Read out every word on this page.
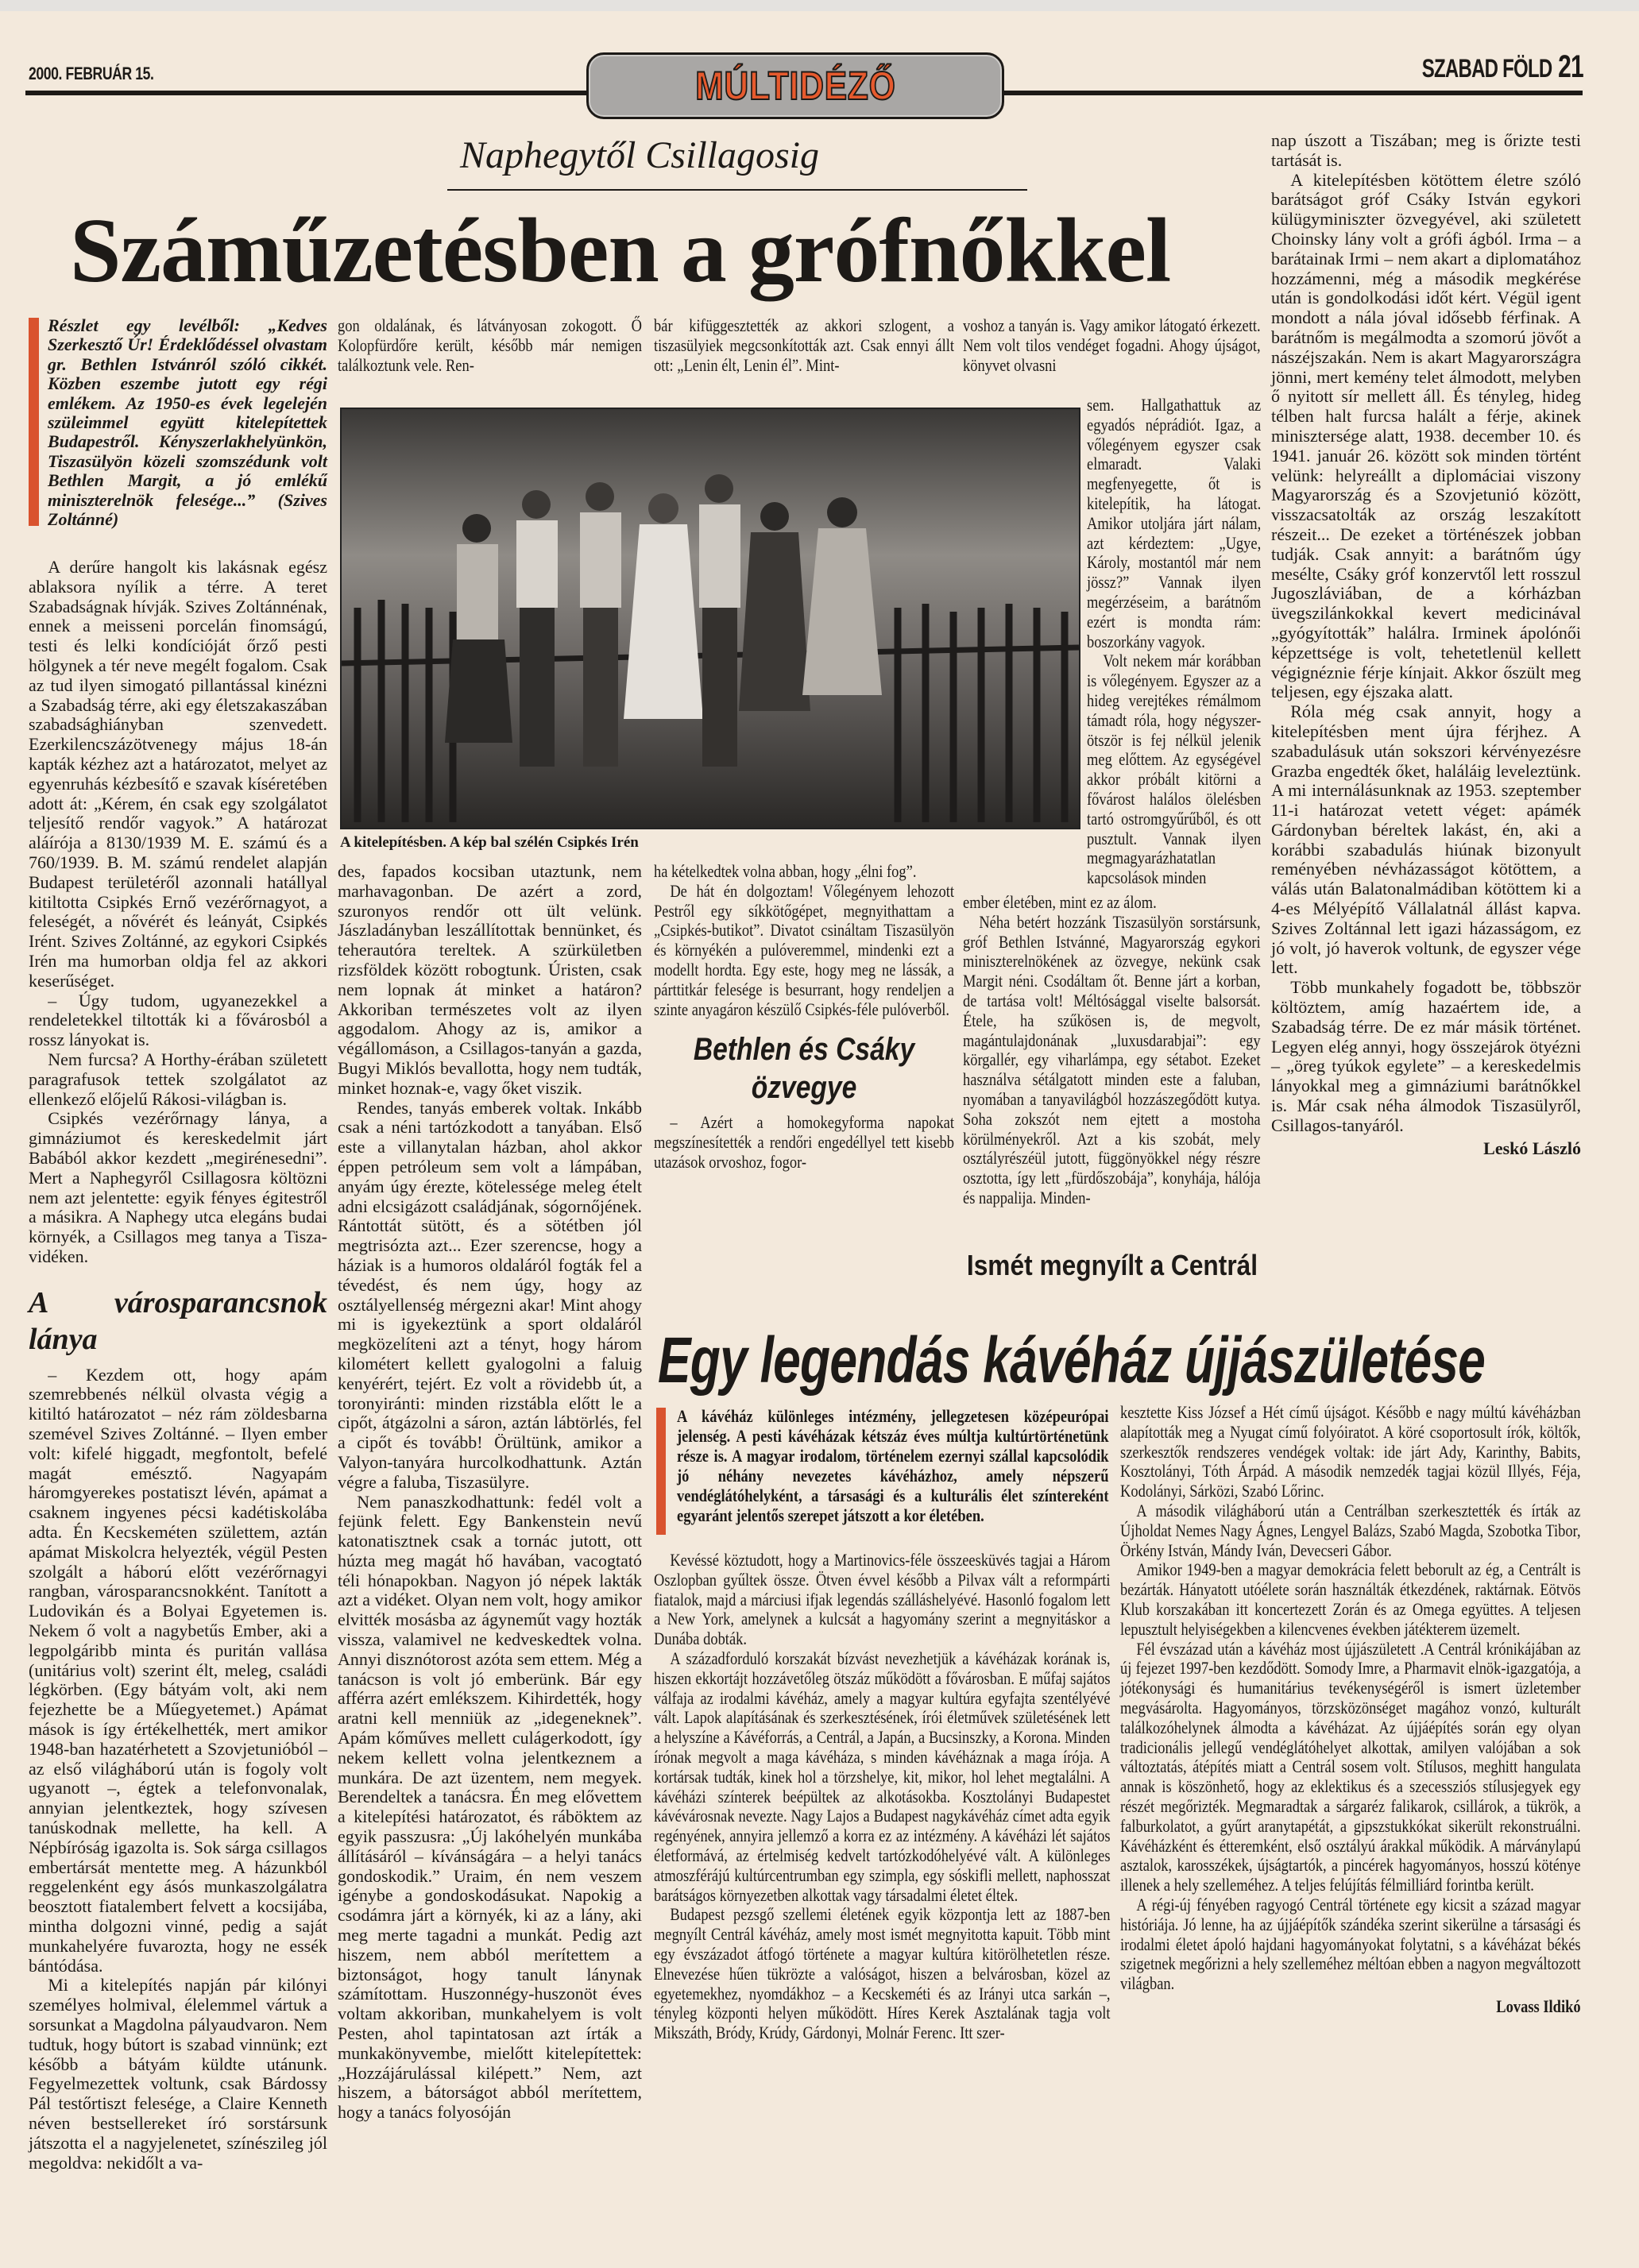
2000. FEBRUÁR 15.	MÚLTIDÉZŐ	SZABAD FÖLD 21
Naphegytől Csillagosig
Száműzetésben a grófnőkkel
Részlet egy levélből: „Kedves Szerkesztő Úr! Érdeklődéssel olvastam gr. Bethlen Istvánról szóló cikkét. Közben eszembe jutott egy régi emlékem. Az 1950-es évek legelején szüleimmel együtt kitelepítettek Budapestről. Kényszerlakhelyünkön, Tiszasülyön közeli szomszédunk volt Bethlen Margit, a jó emlékű miniszterelnök felesége...” (Szives Zoltánné)

A derűre hangolt kis lakásnak egész ablaksora nyílik a térre. A teret Szabadságnak hívják. Szives Zoltánnénak, ennek a meisseni porcelán finomságú, testi és lelki kondícióját őrző pesti hölgynek a tér neve megélt fogalom. Csak az tud ilyen simogató pillantással kinézni a Szabadság térre, aki egy életszakaszában szabadsághiányban szenvedett. Ezerkilencszázötvenegy május 18-án kapták kézhez azt a határozatot, melyet az egyenruhás kézbesítő e szavak kíséretében adott át: „Kérem, én csak egy szolgálatot teljesítő rendőr vagyok.” A határozat aláírója a 8130/1939 M. E. számú és a 760/1939. B. M. számú rendelet alapján Budapest területéről azonnali hatállyal kitiltotta Csipkés Ernő vezérőrnagyot, a feleségét, a nővérét és leányát, Csipkés Irént. Szives Zoltánné, az egykori Csipkés Irén ma humorban oldja fel az akkori keserűséget.

– Úgy tudom, ugyanezekkel a rendeletekkel tiltották ki a fővárosból a rossz lányokat is.

Nem furcsa? A Horthy-érában született paragrafusok tettek szolgálatot az ellenkező előjelű Rákosi-világban is.

Csipkés vezérőrnagy lánya, a gimnáziumot és kereskedelmit járt Babából akkor kezdett „megirénesedni”. Mert a Naphegyről Csillagosra költözni nem azt jelentette: egyik fényes égitestről a másikra. A Naphegy utca elegáns budai környék, a Csillagos meg tanya a Tisza-vidéken.

A városparancsnok lánya

– Kezdem ott, hogy apám szemrebbenés nélkül olvasta végig a kitiltó határozatot – néz rám zöldesbarna szemével Szives Zoltánné. – Ilyen ember volt: kifelé higgadt, megfontolt, befelé magát emésztő. Nagyapám háromgyerekes postatiszt lévén, apámat a csaknem ingyenes pécsi kadétiskolába adta. Én Kecskeméten születtem, aztán apámat Miskolcra helyezték, végül Pesten szolgált a háború előtt vezérőrnagyi rangban, városparancsnokként. Tanított a Ludovikán és a Bolyai Egyetemen is. Nekem ő volt a nagybetűs Ember, aki a legpolgáribb minta és puritán vallása (unitárius volt) szerint élt, meleg, családi légkörben. (Egy bátyám volt, aki nem fejezhette be a Műegyetemet.) Apámat mások is így értékelhették, mert amikor 1948-ban hazatérhetett a Szovjetunióból – az első világháború után is fogoly volt ugyanott –, égtek a telefonvonalak, annyian jelentkeztek, hogy szívesen tanúskodnak mellette, ha kell. A Népbíróság igazolta is. Sok sárga csillagos embertársát mentette meg. A házunkból reggelenként egy ásós munkaszolgálatra beosztott fiatalembert felvett a kocsijába, mintha dolgozni vinné, pedig a saját munkahelyére fuvarozta, hogy ne essék bántódása.

Mi a kitelepítés napján pár kilónyi személyes holmival, élelemmel vártuk a sorsunkat a Magdolna pályaudvaron. Nem tudtuk, hogy bútort is szabad vinnünk; ezt később a bátyám küldte utánunk. Fegyelmezettek voltunk, csak Bárdossy Pál testőrtiszt felesége, a Claire Kenneth néven bestsellereket író sorstársunk játszotta el a nagyjelenetet, színészileg jól megoldva: nekidőlt a va-

gon oldalának, és látványosan zokogott. Ő Kolopfürdőre került, később már nemigen találkoztunk vele. Ren-

bár kifüggesztették az akkori szlogent, a tiszasülyiek megcsonkították azt. Csak ennyi állt ott: „Lenin élt, Lenin él”. Mint-

voshoz a tanyán is. Vagy amikor látogató érkezett. Nem volt tilos vendéget fogadni. Ahogy újságot, könyvet olvasni

A kitelepítésben. A kép bal szélén Csipkés Irén

des, fapados kocsiban utaztunk, nem marhavagonban. De azért a zord, szuronyos rendőr ott ült velünk. Jászladányban leszállítottak bennünket, és teherautóra tereltek. A szürkületben rizsföldek között robogtunk. Úristen, csak nem lopnak át minket a határon? Akkoriban természetes volt az ilyen aggodalom. Ahogy az is, amikor a végállomáson, a Csillagos-tanyán a gazda, Bugyi Miklós bevallotta, hogy nem tudták, minket hoznak-e, vagy őket viszik.

Rendes, tanyás emberek voltak. Inkább csak a néni tartózkodott a tanyában. Első este a villanytalan házban, ahol akkor éppen petróleum sem volt a lámpában, anyám úgy érezte, kötelessége meleg ételt adni elcsigázott családjának, sógornőjének. Rántottát sütött, és a sötétben jól megtrisózta azt... Ezer szerencse, hogy a háziak is a humoros oldaláról fogták fel a tévedést, és nem úgy, hogy az osztályellenség mérgezni akar! Mint ahogy mi is igyekeztünk a sport oldaláról megközelíteni azt a tényt, hogy három kilométert kellett gyalogolni a faluig kenyérért, tejért. Ez volt a rövidebb út, a toronyiránti: minden rizstábla előtt le a cipőt, átgázolni a sáron, aztán lábtörlés, fel a cipőt és tovább! Örültünk, amikor a Valyon-tanyára hurcolkodhattunk. Aztán végre a faluba, Tiszasülyre.

Nem panaszkodhattunk: fedél volt a fejünk felett. Egy Bankenstein nevű katonatisztnek csak a tornác jutott, ott húzta meg magát hő havában, vacogtató téli hónapokban. Nagyon jó népek lakták azt a vidéket. Olyan nem volt, hogy amikor elvitték mosásba az ágyneműt vagy hozták vissza, valamivel ne kedveskedtek volna. Annyi disznótorost azóta sem ettem. Még a tanácson is volt jó emberünk. Bár egy afférra azért emlékszem. Kihirdették, hogy aratni kell menniük az „idegeneknek”. Apám kőműves mellett culágerkodott, így nekem kellett volna jelentkeznem a munkára. De azt üzentem, nem megyek. Berendeltek a tanácsra. Én meg elővettem a kitelepítési határozatot, és ráböktem az egyik passzusra: „Új lakóhelyén munkába állításáról – kívánságára – a helyi tanács gondoskodik.” Uraim, én nem veszem igénybe a gondoskodásukat. Napokig a csodámra járt a környék, ki az a lány, aki meg merte tagadni a munkát. Pedig azt hiszem, nem abból merítettem a biztonságot, hogy tanult lánynak számítottam. Huszonnégy-huszonöt éves voltam akkoriban, munkahelyem is volt Pesten, ahol tapintatosan azt írták a munkakönyvembe, mielőtt kitelepítettek: „Hozzájárulással kilépett.” Nem, azt hiszem, a bátorságot abból merítettem, hogy a tanács folyosóján

ha kételkedtek volna abban, hogy „élni fog”.

De hát én dolgoztam! Vőlegényem lehozott Pestről egy síkkötőgépet, megnyithattam a „Csipkés-butikot”. Divatot csináltam Tiszasülyön és környékén a pulóveremmel, mindenki ezt a modellt hordta. Egy este, hogy meg ne lássák, a párttitkár felesége is besurrant, hogy rendeljen a szinte anyagáron készülő Csipkés-féle pulóverből.

Bethlen és Csáky özvegye

– Azért a homokegyforma napokat megszínesítették a rendőri engedéllyel tett kisebb utazások orvoshoz, fogor-

sem. Hallgathattuk az egyadós néprádiót. Igaz, a vőlegényem egyszer csak elmaradt. Valaki megfenyegette, őt is kitelepítik, ha látogat. Amikor utoljára járt nálam, azt kérdeztem: „Ugye, Károly, mostantól már nem jössz?” Vannak ilyen megérzéseim, a barátnőm ezért is mondta rám: boszorkány vagyok.

Volt nekem már korábban is vőlegényem. Egyszer az a hideg verejtékes rémálmom támadt róla, hogy négyszer-ötször is fej nélkül jelenik meg előttem. Az egységével akkor próbált kitörni a fővárost halálos ölelésben tartó ostromgyűrűből, és ott pusztult. Vannak ilyen megmagyarázhatatlan kapcsolások minden

ember életében, mint ez az álom.

Néha betért hozzánk Tiszasülyön sorstársunk, gróf Bethlen Istvánné, Magyarország egykori miniszterelnökének az özvegye, nekünk csak Margit néni. Csodáltam őt. Benne járt a korban, de tartása volt! Méltósággal viselte balsorsát. Étele, ha szűkösen is, de megvolt, magántulajdonának „luxusdarabjai”: egy körgallér, egy viharlámpa, egy sétabot. Ezeket használva sétálgatott minden este a faluban, nyomában a tanyavilágból hozzászegődött kutya. Soha zokszót nem ejtett a mostoha körülményekről. Azt a kis szobát, mely osztályrészéül jutott, függönyökkel négy részre osztotta, így lett „fürdőszobája”, konyhája, hálója és nappalija. Minden-

nap úszott a Tiszában; meg is őrizte testi tartását is.

A kitelepítésben kötöttem életre szóló barátságot gróf Csáky István egykori külügyminiszter özvegyével, aki született Choinsky lány volt a grófi ágból. Irma – a barátainak Irmi – nem akart a diplomatához hozzámenni, még a második megkérése után is gondolkodási időt kért. Végül igent mondott a nála jóval idősebb férfinak. A barátnőm is megálmodta a szomorú jövőt a nászéjszakán. Nem is akart Magyarországra jönni, mert kemény telet álmodott, melyben ő nyitott sír mellett áll. És tényleg, hideg télben halt furcsa halált a férje, akinek minisztersége alatt, 1938. december 10. és 1941. január 26. között sok minden történt velünk: helyreállt a diplomáciai viszony Magyarország és a Szovjetunió között, visszacsatolták az ország leszakított részeit... De ezeket a történészek jobban tudják. Csak annyit: a barátnőm úgy mesélte, Csáky gróf konzervtől lett rosszul Jugoszláviában, de a kórházban üvegszilánkokkal kevert medicinával „gyógyították” halálra. Irminek ápolónői képzettsége is volt, tehetetlenül kellett végignéznie férje kínjait. Akkor őszült meg teljesen, egy éjszaka alatt.

Róla még csak annyit, hogy a kitelepítésben ment újra férjhez. A szabadulásuk után sokszori kérvényezésre Grazba engedték őket, haláláig leveleztünk. A mi internálásunknak az 1953. szeptember 11-i határozat vetett véget: apámék Gárdonyban béreltek lakást, én, aki a korábbi szabadulás hiúnak bizonyult reményében névházasságot kötöttem, a válás után Balatonalmádiban kötöttem ki a 4-es Mélyépítő Vállalatnál állást kapva. Szives Zoltánnal lett igazi házasságom, ez jó volt, jó haverok voltunk, de egyszer vége lett.

Több munkahely fogadott be, többször költöztem, amíg hazaértem ide, a Szabadság térre. De ez már másik történet. Legyen elég annyi, hogy összejárok ötyézni – „öreg tyúkok egylete” – a kereskedelmis lányokkal meg a gimnáziumi barátnőkkel is. Már csak néha álmodok Tiszasülyről, Csillagos-tanyáról.

Leskó László
Ismét megnyílt a Centrál
Egy legendás kávéház újjászületése
A kávéház különleges intézmény, jellegzetesen középeurópai jelenség. A pesti kávéházak kétszáz éves múltja kultúrtörténetünk része is. A magyar irodalom, történelem ezernyi szállal kapcsolódik jó néhány nevezetes kávéházhoz, amely népszerű vendéglátóhelyként, a társasági és a kulturális élet színtereként egyaránt jelentős szerepet játszott a kor életében.

Kevéssé köztudott, hogy a Martinovics-féle összeesküvés tagjai a Három Oszlopban gyűltek össze. Ötven évvel később a Pilvax vált a reformpárti fiatalok, majd a márciusi ifjak legendás szálláshelyévé. Hasonló fogalom lett a New York, amelynek a kulcsát a hagyomány szerint a megnyitáskor a Dunába dobták.

A századforduló korszakát bízvást nevezhetjük a kávéházak korának is, hiszen ekkortájt hozzávetőleg ötszáz működött a fővárosban. E műfaj sajátos válfaja az irodalmi kávéház, amely a magyar kultúra egyfajta szentélyévé vált. Lapok alapításának és szerkesztésének, írói életművek születésének lett a helyszíne a Kávéforrás, a Centrál, a Japán, a Bucsinszky, a Korona. Minden írónak megvolt a maga kávéháza, s minden kávéháznak a maga írója. A kortársak tudták, kinek hol a törzshelye, kit, mikor, hol lehet megtalálni. A kávéházi színterek beépültek az alkotásokba. Kosztolányi Budapestet kávévárosnak nevezte. Nagy Lajos a Budapest nagykávéház címet adta egyik regényének, annyira jellemző a korra ez az intézmény. A kávéházi lét sajátos életformává, az értelmiség kedvelt tartózkodóhelyévé vált. A különleges atmoszférájú kultúrcentrumban egy szimpla, egy sóskifli mellett, naphosszat barátságos környezetben alkottak vagy társadalmi életet éltek.

Budapest pezsgő szellemi életének egyik központja lett az 1887-ben megnyílt Centrál kávéház, amely most ismét megnyitotta kapuit. Több mint egy évszázadot átfogó története a magyar kultúra kitörölhetetlen része. Elnevezése hűen tükrözte a valóságot, hiszen a belvárosban, közel az egyetemekhez, nyomdákhoz – a Kecskeméti és az Irányi utca sarkán –, tényleg központi helyen működött. Híres Kerek Asztalának tagja volt Mikszáth, Bródy, Krúdy, Gárdonyi, Molnár Ferenc. Itt szer-

kesztette Kiss József a Hét című újságot. Később e nagy múltú kávéházban alapították meg a Nyugat című folyóiratot. A köré csoportosult írók, költők, szerkesztők rendszeres vendégek voltak: ide járt Ady, Karinthy, Babits, Kosztolányi, Tóth Árpád. A második nemzedék tagjai közül Illyés, Féja, Kodolányi, Sárközi, Szabó Lőrinc.

A második világháború után a Centrálban szerkesztették és írták az Újholdat Nemes Nagy Ágnes, Lengyel Balázs, Szabó Magda, Szobotka Tibor, Örkény István, Mándy Iván, Devecseri Gábor.

Amikor 1949-ben a magyar demokrácia felett beborult az ég, a Centrált is bezárták. Hányatott utóélete során használták étkezdének, raktárnak. Eötvös Klub korszakában itt koncertezett Zorán és az Omega együttes. A teljesen lepusztult helyiségekben a kilencvenes években játékterem üzemelt.

Fél évszázad után a kávéház most újjászületett .A Centrál krónikájában az új fejezet 1997-ben kezdődött. Somody Imre, a Pharmavit elnök-igazgatója, a jótékonysági és humanitárius tevékenységéről is ismert üzletember megvásárolta. Hagyományos, törzsközönséget magához vonzó, kulturált találkozóhelynek álmodta a kávéházat. Az újjáépítés során egy olyan tradicionális jellegű vendéglátóhelyet alkottak, amilyen valójában a sok változtatás, átépítés miatt a Centrál sosem volt. Stílusos, meghitt hangulata annak is köszönhető, hogy az eklektikus és a szecessziós stílusjegyek egy részét megőrizték. Megmaradtak a sárgaréz falikarok, csillárok, a tükrök, a falburkolatot, a gyűrt aranytapétát, a gipszstukkókat sikerült rekonstruálni. Kávéházként és étteremként, első osztályú árakkal működik. A márványlapú asztalok, karosszékek, újságtartók, a pincérek hagyományos, hosszú köténye illenek a hely szelleméhez. A teljes felújítás félmilliárd forintba került.

A régi-új fényében ragyogó Centrál története egy kicsit a század magyar históriája. Jó lenne, ha az újjáépítők szándéka szerint sikerülne a társasági és irodalmi életet ápoló hajdani hagyományokat folytatni, s a kávéházat békés szigetnek megőrizni a hely szelleméhez méltóan ebben a nagyon megváltozott világban.

Lovass Ildikó
